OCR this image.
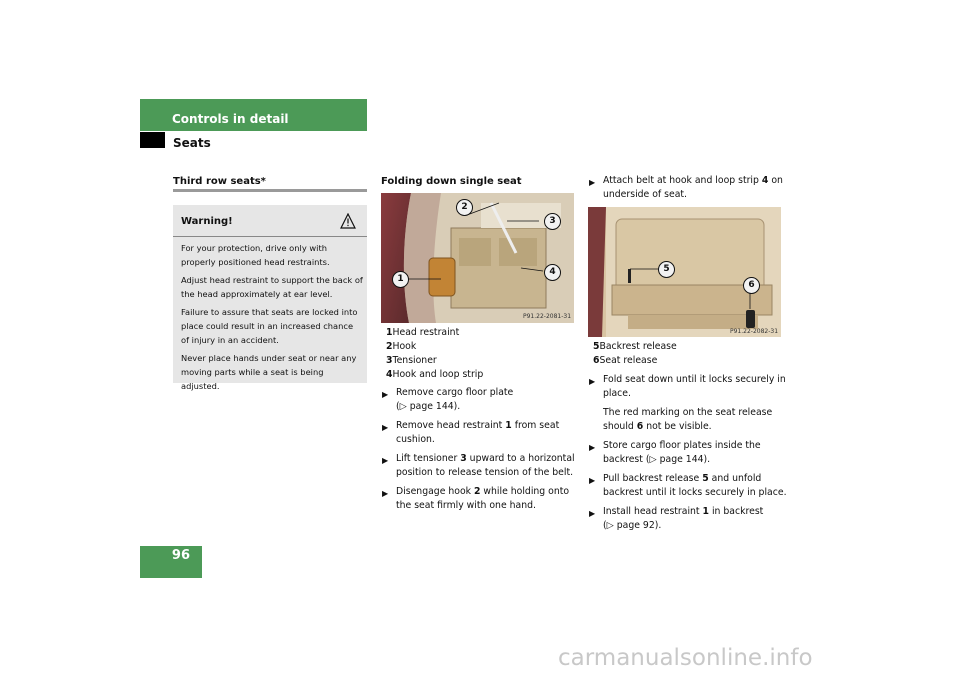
Controls in detail
Seats
Third row seats*
Warning!
For your protection, drive only with properly positioned head restraints.
Adjust head restraint to support the back of the head approximately at ear level.
Failure to assure that seats are locked into place could result in an increased chance of injury in an accident.
Never place hands under seat or near any moving parts while a seat is being adjusted.
Folding down single seat
P91.22-2081-31
2
3
1
4
1Head restraint
2Hook
3Tensioner
4Hook and loop strip
▶ Remove cargo floor plate
(▷ page 144).
▶ Remove head restraint 1 from seat
cushion.
▶ Lift tensioner 3 upward to a horizontal
position to release tension of the belt.
▶ Disengage hook 2 while holding onto
the seat firmly with one hand.
▶ Attach belt at hook and loop strip 4 on
underside of seat.
P91.22-2082-31
5
6
5Backrest release
6Seat release
▶ Fold seat down until it locks securely in
place.
The red marking on the seat release
should 6 not be visible.
▶ Store cargo floor plates inside the
backrest (▷ page 144).
▶ Pull backrest release 5 and unfold
backrest until it locks securely in place.
▶ Install head restraint 1 in backrest
(▷ page 92).
96
carmanualsonline.info
